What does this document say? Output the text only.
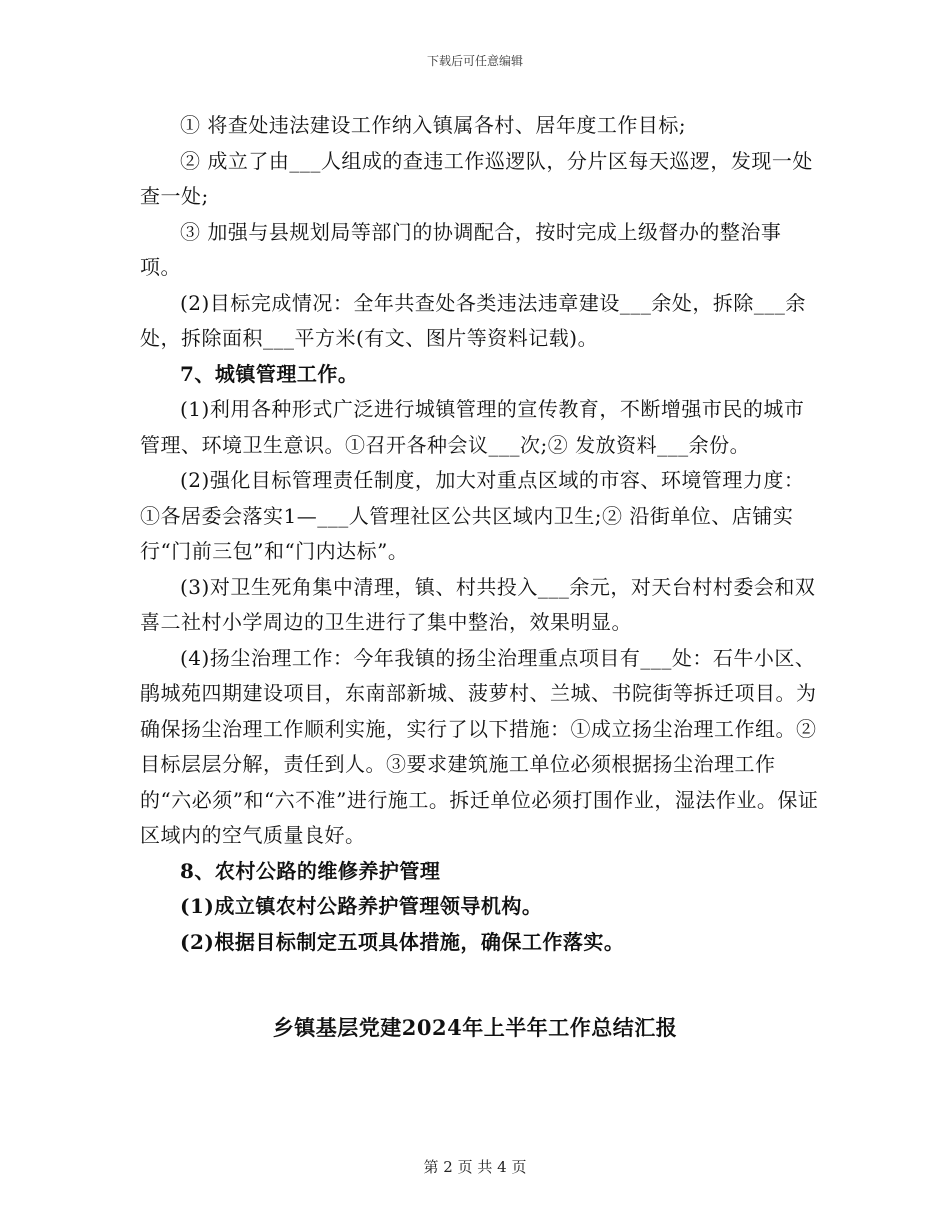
下载后可任意编辑

① 将查处违法建设工作纳入镇属各村、居年度工作目标;

② 成立了由___人组成的查违工作巡逻队，分片区每天巡逻，发现一处查一处;

③ 加强与县规划局等部门的协调配合，按时完成上级督办的整治事项。

(2)目标完成情况：全年共查处各类违法违章建设___余处，拆除___余处，拆除面积___平方米(有文、图片等资料记载)。

7、城镇管理工作。

(1)利用各种形式广泛进行城镇管理的宣传教育，不断增强市民的城市管理、环境卫生意识。①召开各种会议___次;② 发放资料___余份。

(2)强化目标管理责任制度，加大对重点区域的市容、环境管理力度：①各居委会落实1—___人管理社区公共区域内卫生;② 沿街单位、店铺实行“门前三包”和“门内达标”。

(3)对卫生死角集中清理，镇、村共投入___余元，对天台村村委会和双喜二社村小学周边的卫生进行了集中整治，效果明显。

(4)扬尘治理工作：今年我镇的扬尘治理重点项目有___处：石牛小区、鹃城苑四期建设项目，东南部新城、菠萝村、兰城、书院街等拆迁项目。为确保扬尘治理工作顺利实施，实行了以下措施：①成立扬尘治理工作组。②目标层层分解，责任到人。③要求建筑施工单位必须根据扬尘治理工作的“六必须”和“六不准”进行施工。拆迁单位必须打围作业，湿法作业。保证区域内的空气质量良好。

8、农村公路的维修养护管理

(1)成立镇农村公路养护管理领导机构。

(2)根据目标制定五项具体措施，确保工作落实。

乡镇基层党建2024年上半年工作总结汇报
第 2 页 共 4 页
